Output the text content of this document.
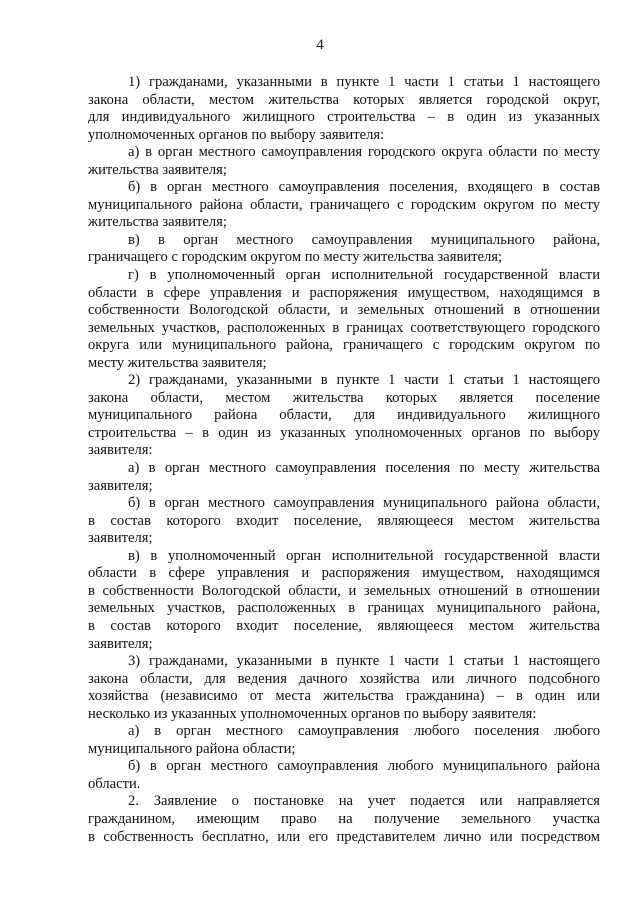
4

1) гражданами, указанными в пункте 1 части 1 статьи 1 настоящего
закона области, местом жительства которых является городской округ,
для индивидуального жилищного строительства – в один из указанных
уполномоченных органов по выбору заявителя:

а) в орган местного самоуправления городского округа области по месту
жительства заявителя;

б) в орган местного самоуправления поселения, входящего в состав
муниципального района области, граничащего с городским округом по месту
жительства заявителя;

в) в орган местного самоуправления муниципального района,
граничащего с городским округом по месту жительства заявителя;

г) в уполномоченный орган исполнительной государственной власти
области в сфере управления и распоряжения имуществом, находящимся в
собственности Вологодской области, и земельных отношений в отношении
земельных участков, расположенных в границах соответствующего городского
округа или муниципального района, граничащего с городским округом по
месту жительства заявителя;

2) гражданами, указанными в пункте 1 части 1 статьи 1 настоящего
закона области, местом жительства которых является поселение
муниципального района области, для индивидуального жилищного
строительства – в один из указанных уполномоченных органов по выбору
заявителя:

а) в орган местного самоуправления поселения по месту жительства
заявителя;

б) в орган местного самоуправления муниципального района области,
в состав которого входит поселение, являющееся местом жительства
заявителя;

в) в уполномоченный орган исполнительной государственной власти
области в сфере управления и распоряжения имуществом, находящимся
в собственности Вологодской области, и земельных отношений в отношении
земельных участков, расположенных в границах муниципального района,
в состав которого входит поселение, являющееся местом жительства
заявителя;

3) гражданами, указанными в пункте 1 части 1 статьи 1 настоящего
закона области, для ведения дачного хозяйства или личного подсобного
хозяйства (независимо от места жительства гражданина) – в один или
несколько из указанных уполномоченных органов по выбору заявителя:

а) в орган местного самоуправления любого поселения любого
муниципального района области;

б) в орган местного самоуправления любого муниципального района
области.

2. Заявление о постановке на учет подается или направляется
гражданином, имеющим право на получение земельного участка
в собственность бесплатно, или его представителем лично или посредством
